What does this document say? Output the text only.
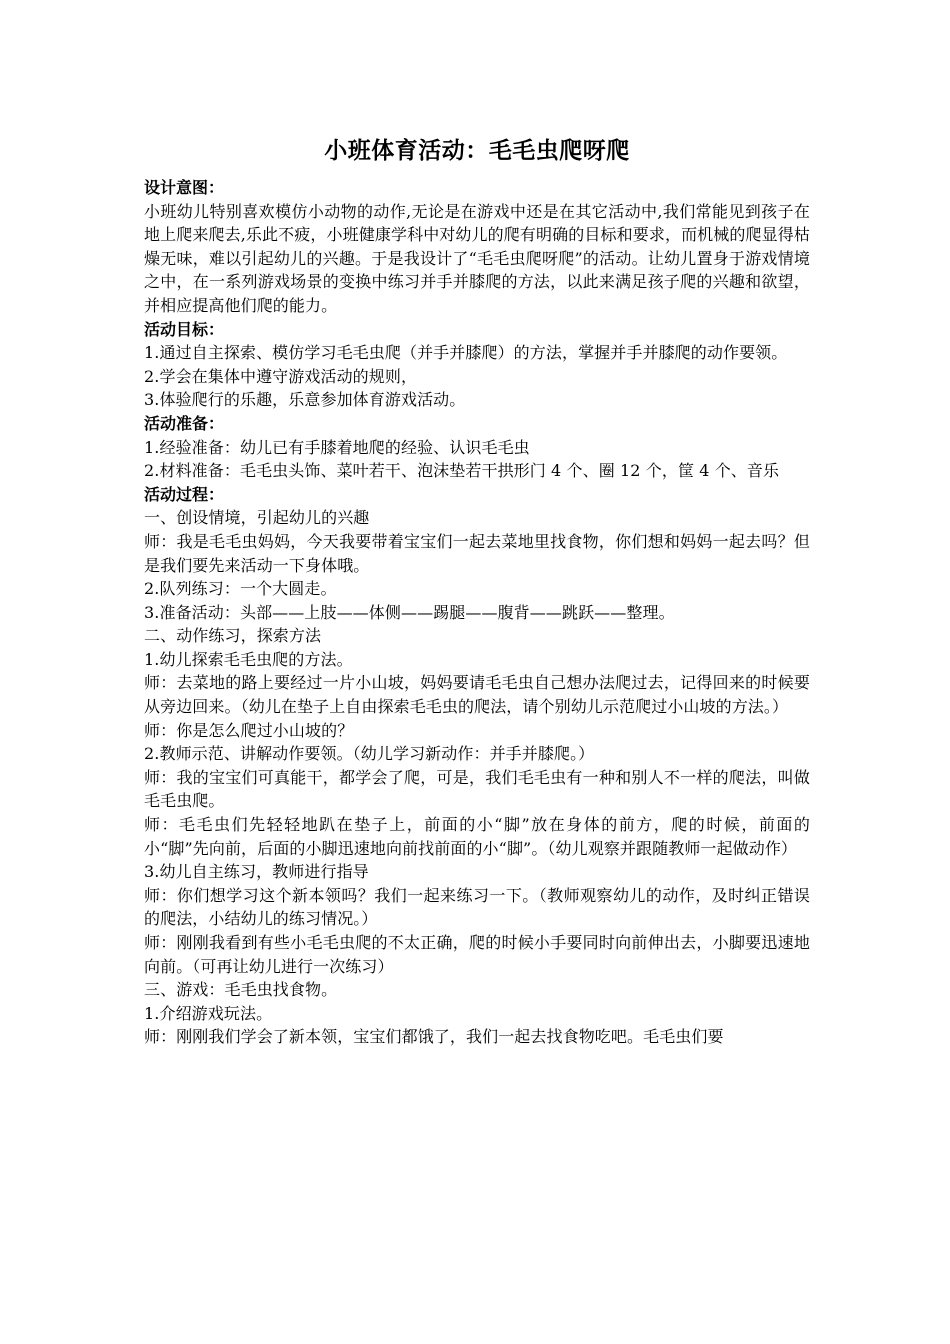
小班体育活动：毛毛虫爬呀爬
设计意图：

小班幼儿特别喜欢模仿小动物的动作,无论是在游戏中还是在其它活动中,我们常能见到孩子在地上爬来爬去,乐此不疲，小班健康学科中对幼儿的爬有明确的目标和要求，而机械的爬显得枯燥无味，难以引起幼儿的兴趣。于是我设计了“毛毛虫爬呀爬”的活动。让幼儿置身于游戏情境之中，在一系列游戏场景的变换中练习并手并膝爬的方法，以此来满足孩子爬的兴趣和欲望，并相应提高他们爬的能力。

活动目标：

1.通过自主探索、模仿学习毛毛虫爬（并手并膝爬）的方法，掌握并手并膝爬的动作要领。

2.学会在集体中遵守游戏活动的规则，

3.体验爬行的乐趣，乐意参加体育游戏活动。

活动准备：

1.经验准备：幼儿已有手膝着地爬的经验、认识毛毛虫

2.材料准备：毛毛虫头饰、菜叶若干、泡沫垫若干拱形门 4 个、圈 12 个，筐 4 个、音乐

活动过程：

一、创设情境，引起幼儿的兴趣

师：我是毛毛虫妈妈，今天我要带着宝宝们一起去菜地里找食物，你们想和妈妈一起去吗？但是我们要先来活动一下身体哦。

2.队列练习：一个大圆走。

3.准备活动：头部——上肢——体侧——踢腿——腹背——跳跃——整理。

二、动作练习，探索方法

1.幼儿探索毛毛虫爬的方法。

师：去菜地的路上要经过一片小山坡，妈妈要请毛毛虫自己想办法爬过去，记得回来的时候要从旁边回来。（幼儿在垫子上自由探索毛毛虫的爬法，请个别幼儿示范爬过小山坡的方法。）

师：你是怎么爬过小山坡的？

2.教师示范、讲解动作要领。（幼儿学习新动作：并手并膝爬。）

师：我的宝宝们可真能干，都学会了爬，可是，我们毛毛虫有一种和别人不一样的爬法，叫做毛毛虫爬。

师：毛毛虫们先轻轻地趴在垫子上，前面的小“脚”放在身体的前方，爬的时候，前面的小“脚”先向前，后面的小脚迅速地向前找前面的小“脚”。（幼儿观察并跟随教师一起做动作）

3.幼儿自主练习，教师进行指导

师：你们想学习这个新本领吗？我们一起来练习一下。（教师观察幼儿的动作，及时纠正错误的爬法，小结幼儿的练习情况。）

师：刚刚我看到有些小毛毛虫爬的不太正确，爬的时候小手要同时向前伸出去，小脚要迅速地向前。（可再让幼儿进行一次练习）

三、游戏：毛毛虫找食物。

1.介绍游戏玩法。

师：刚刚我们学会了新本领，宝宝们都饿了，我们一起去找食物吃吧。毛毛虫们要
